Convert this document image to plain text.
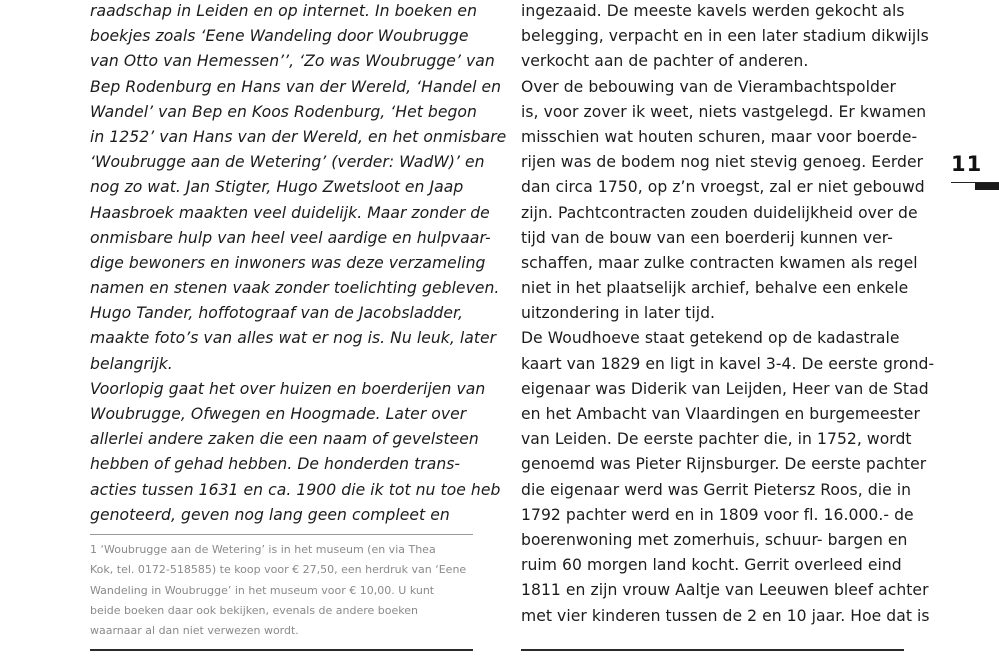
raadschap in Leiden en op internet. In boeken en
boekjes zoals ‘Eene Wandeling door Woubrugge
van Otto van Hemessen’’, ‘Zo was Woubrugge’ van
Bep Rodenburg en Hans van der Wereld, ‘Handel en
Wandel’ van Bep en Koos Rodenburg, ‘Het begon
in 1252’ van Hans van der Wereld, en het onmisbare
‘Woubrugge aan de Wetering’ (verder: WadW)’ en
nog zo wat. Jan Stigter, Hugo Zwetsloot en Jaap
Haasbroek maakten veel duidelijk. Maar zonder de
onmisbare hulp van heel veel aardige en hulpvaar-
dige bewoners en inwoners was deze verzameling
namen en stenen vaak zonder toelichting gebleven.
Hugo Tander, hoffotograaf van de Jacobsladder,
maakte foto’s van alles wat er nog is. Nu leuk, later
belangrijk.
Voorlopig gaat het over huizen en boerderijen van
Woubrugge, Ofwegen en Hoogmade. Later over
allerlei andere zaken die een naam of gevelsteen
hebben of gehad hebben. De honderden trans-
acties tussen 1631 en ca. 1900 die ik tot nu toe heb
genoteerd, geven nog lang geen compleet en
1 ‘Woubrugge aan de Wetering’ is in het museum (en via Thea
Kok, tel. 0172-518585) te koop voor € 27,50, een herdruk van ‘Eene
Wandeling in Woubrugge’ in het museum voor € 10,00. U kunt
beide boeken daar ook bekijken, evenals de andere boeken
waarnaar al dan niet verwezen wordt.
ingezaaid. De meeste kavels werden gekocht als
belegging, verpacht en in een later stadium dikwijls
verkocht aan de pachter of anderen.
Over de bebouwing van de Vierambachtspolder
is, voor zover ik weet, niets vastgelegd. Er kwamen
misschien wat houten schuren, maar voor boerde-
rijen was de bodem nog niet stevig genoeg. Eerder
dan circa 1750, op z’n vroegst, zal er niet gebouwd
zijn. Pachtcontracten zouden duidelijkheid over de
tijd van de bouw van een boerderij kunnen ver-
schaffen, maar zulke contracten kwamen als regel
niet in het plaatselijk archief, behalve een enkele
uitzondering in later tijd.
De Woudhoeve staat getekend op de kadastrale
kaart van 1829 en ligt in kavel 3-4. De eerste grond-
eigenaar was Diderik van Leijden, Heer van de Stad
en het Ambacht van Vlaardingen en burgemeester
van Leiden. De eerste pachter die, in 1752, wordt
genoemd was Pieter Rijnsburger. De eerste pachter
die eigenaar werd was Gerrit Pietersz Roos, die in
1792 pachter werd en in 1809 voor fl. 16.000.- de
boerenwoning met zomerhuis, schuur- bargen en
ruim 60 morgen land kocht. Gerrit overleed eind
1811 en zijn vrouw Aaltje van Leeuwen bleef achter
met vier kinderen tussen de 2 en 10 jaar. Hoe dat is
11
